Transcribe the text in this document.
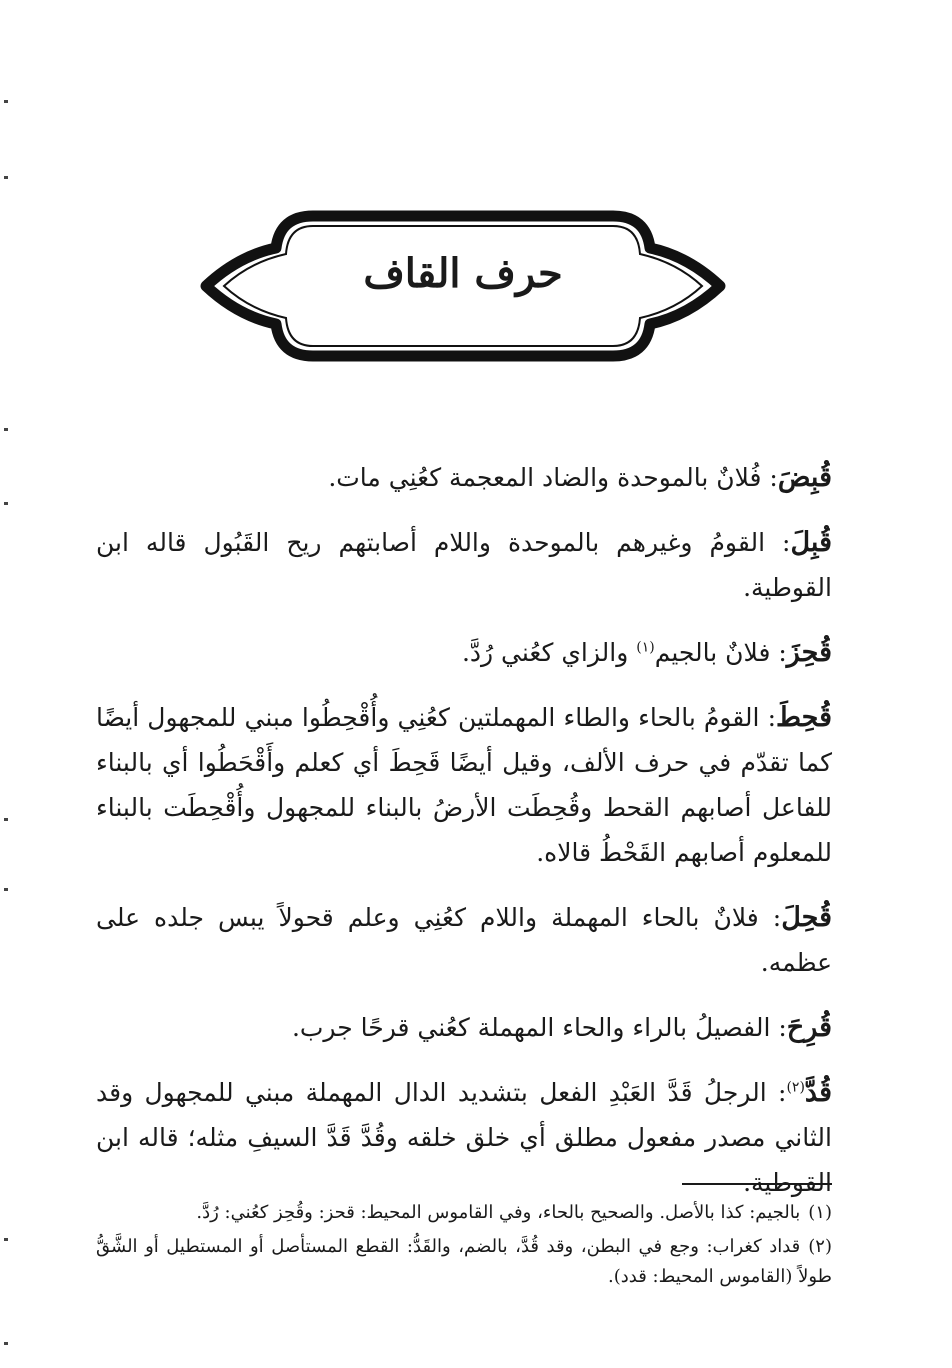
حرف القاف

قُبِضَ: فُلانٌ بالموحدة والضاد المعجمة كعُنِي مات.

قُبِلَ: القومُ وغيرهم بالموحدة واللام أصابتهم ريح القَبُول قاله ابن القوطية.

قُحِزَ: فلانٌ بالجيم$^{(١)}$ والزاي كعُني رُدَّ.

قُحِطَ: القومُ بالحاء والطاء المهملتين كعُنِي وأُقْحِطُوا مبني للمجهول أيضًا كما تقدّم في حرف الألف، وقيل أيضًا قَحِطَ أي كعلم وأَقْحَطُوا أي بالبناء للفاعل أصابهم القحط وقُحِطَت الأرضُ بالبناء للمجهول وأُقْحِطَت بالبناء للمعلوم أصابهم القَحْطُ قالاه.

قُحِلَ: فلانٌ بالحاء المهملة واللام كعُنِي وعلم قحولاً يبس جلده على عظمه.

قُرِحَ: الفصيلُ بالراء والحاء المهملة كعُني قرحًا جرب.

قُدَّ$^{(٢)}$: الرجلُ قَدَّ العَبْدِ الفعل بتشديد الدال المهملة مبني للمجهول وقد الثاني مصدر مفعول مطلق أي خلق خلقه وقُدَّ قَدَّ السيفِ مثله؛ قاله ابن القوطية.

(١)بالجيم: كذا بالأصل. والصحيح بالحاء، وفي القاموس المحيط: قحز: وقُحِز كعُني: رُدَّ.

(٢)قداد كغراب: وجع في البطن، وقد قُدَّ، بالضم، والقَدُّ: القطع المستأصل أو المستطيل أو الشَّقُّ طولاً (القاموس المحيط: قدد).
